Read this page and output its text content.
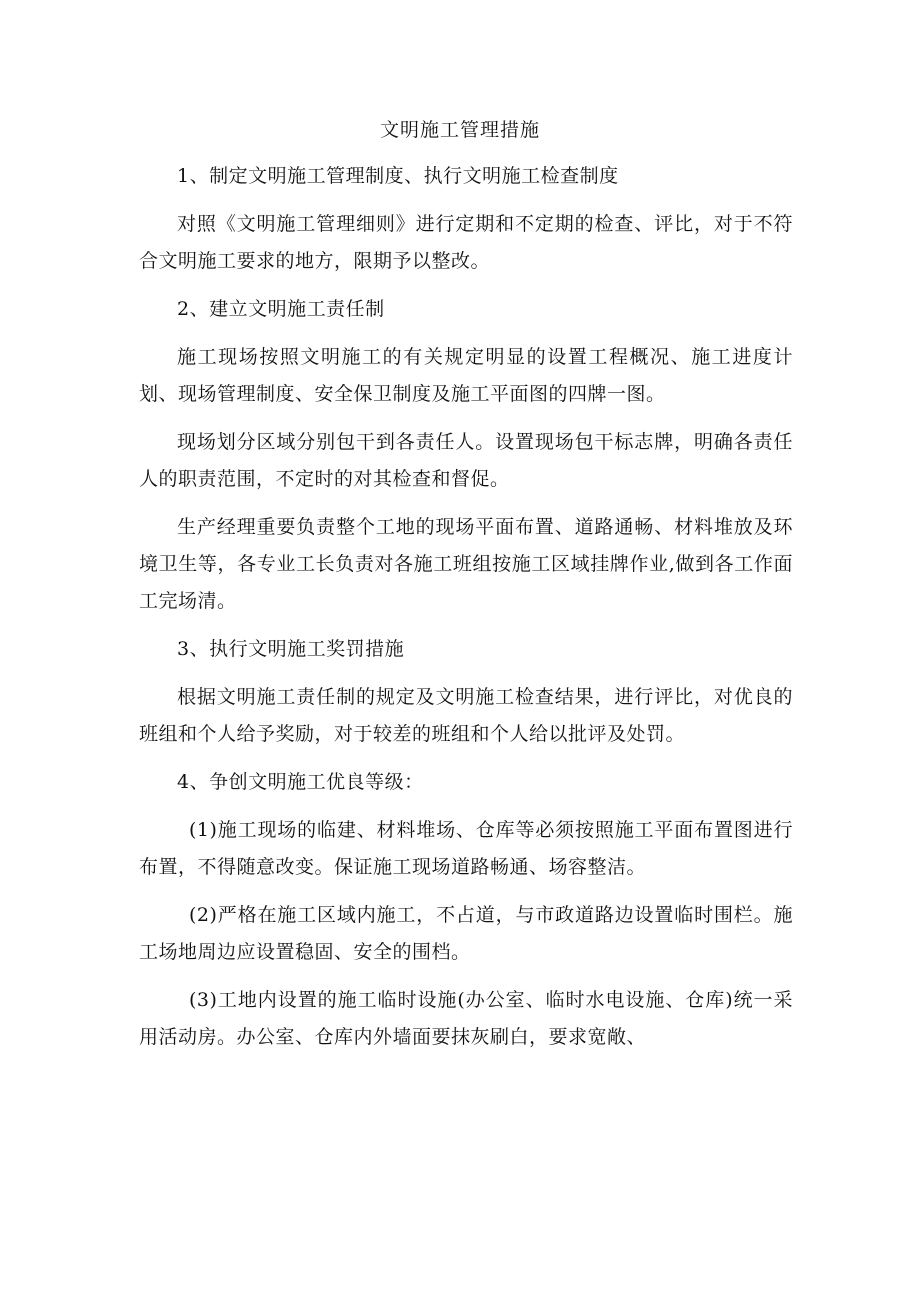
文明施工管理措施

1、制定文明施工管理制度、执行文明施工检查制度

对照《文明施工管理细则》进行定期和不定期的检查、评比，对于不符合文明施工要求的地方，限期予以整改。

2、建立文明施工责任制

施工现场按照文明施工的有关规定明显的设置工程概况、施工进度计划、现场管理制度、安全保卫制度及施工平面图的四牌一图。

现场划分区域分别包干到各责任人。设置现场包干标志牌，明确各责任人的职责范围，不定时的对其检查和督促。

生产经理重要负责整个工地的现场平面布置、道路通畅、材料堆放及环境卫生等，各专业工长负责对各施工班组按施工区域挂牌作业,做到各工作面工完场清。

3、执行文明施工奖罚措施

根据文明施工责任制的规定及文明施工检查结果，进行评比，对优良的班组和个人给予奖励，对于较差的班组和个人给以批评及处罚。

4、争创文明施工优良等级：

(1)施工现场的临建、材料堆场、仓库等必须按照施工平面布置图进行布置，不得随意改变。保证施工现场道路畅通、场容整洁。

(2)严格在施工区域内施工，不占道，与市政道路边设置临时围栏。施工场地周边应设置稳固、安全的围档。

(3)工地内设置的施工临时设施(办公室、临时水电设施、仓库)统一采用活动房。办公室、仓库内外墙面要抹灰刷白，要求宽敞、
